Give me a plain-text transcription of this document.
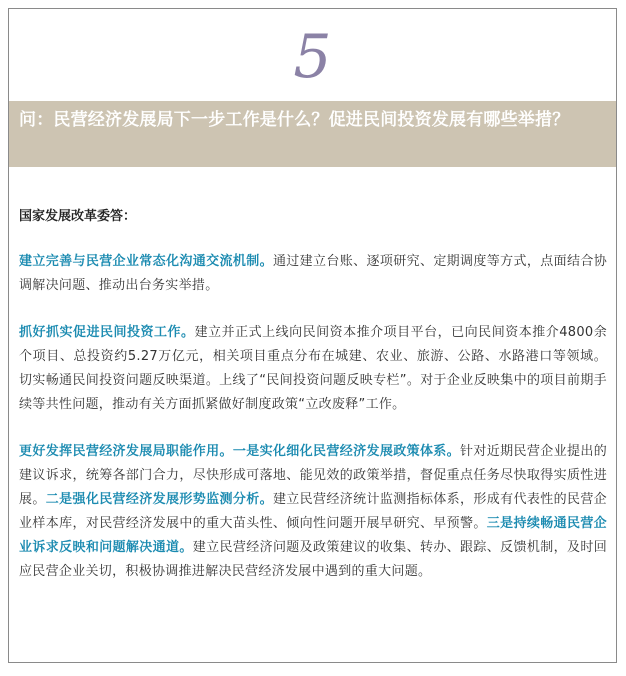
5
问：民营经济发展局下一步工作是什么？促进民间投资发展有哪些举措？

国家发展改革委答：

建立完善与民营企业常态化沟通交流机制。通过建立台账、逐项研究、定期调度等方式，点面结合协调解决问题、推动出台务实举措。

抓好抓实促进民间投资工作。建立并正式上线向民间资本推介项目平台，已向民间资本推介4800余个项目、总投资约5.27万亿元，相关项目重点分布在城建、农业、旅游、公路、水路港口等领域。切实畅通民间投资问题反映渠道。上线了“民间投资问题反映专栏”。对于企业反映集中的项目前期手续等共性问题，推动有关方面抓紧做好制度政策“立改废释”工作。

更好发挥民营经济发展局职能作用。一是实化细化民营经济发展政策体系。针对近期民营企业提出的建议诉求，统筹各部门合力，尽快形成可落地、能见效的政策举措，督促重点任务尽快取得实质性进展。二是强化民营经济发展形势监测分析。建立民营经济统计监测指标体系，形成有代表性的民营企业样本库，对民营经济发展中的重大苗头性、倾向性问题开展早研究、早预警。三是持续畅通民营企业诉求反映和问题解决通道。建立民营经济问题及政策建议的收集、转办、跟踪、反馈机制，及时回应民营企业关切，积极协调推进解决民营经济发展中遇到的重大问题。
